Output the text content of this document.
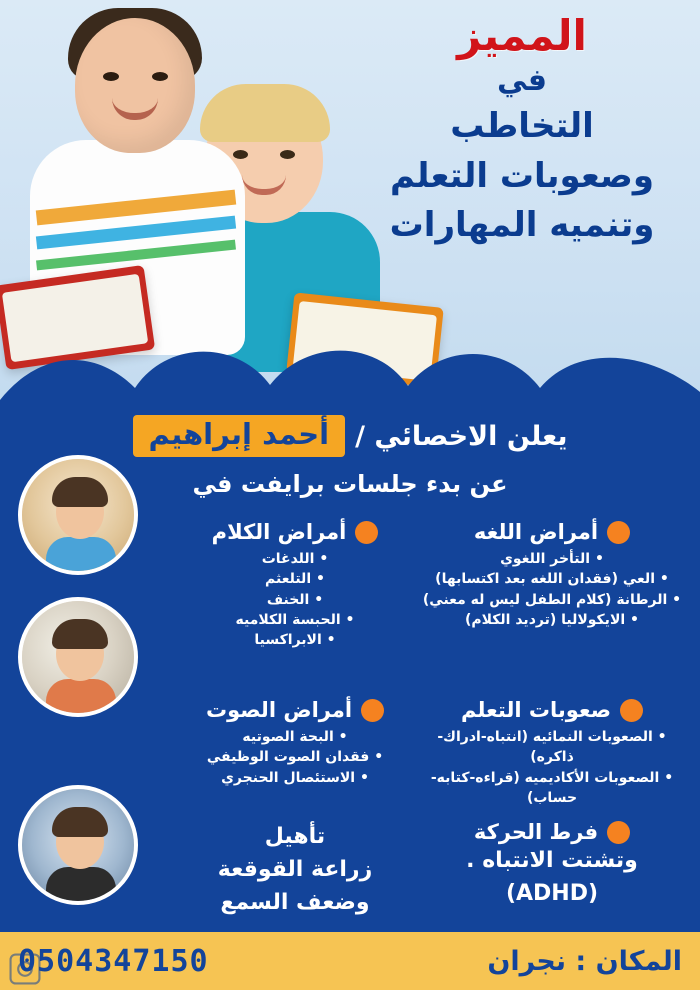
المميز
في
التخاطب
وصعوبات التعلم
وتنميه المهارات
يعلن الاخصائي /
أحمد إبراهيم
عن بدء جلسات برايفت في
أمراض اللغه
• التأخر اللغوي
• العي (فقدان اللغه بعد اكتسابها)
• الرطانة (كلام الطفل ليس له معني)
• الايكولاليا (ترديد الكلام)
صعوبات التعلم
• الصعوبات النمائيه (انتباه-ادراك-ذاكره)
• الصعوبات الأكاديميه (قراءه-كتابه-حساب)
فرط الحركة
وتشتت الانتباه .
(ADHD)
أمراض الكلام
• اللدغات
• التلعثم
• الخنف
• الحبسة الكلاميه
• الابراكسيا
أمراض الصوت
• البحة الصوتيه
• فقدان الصوت الوظيفي
• الاستئصال الحنجري
تأهيل
زراعة القوقعة
وضعف السمع
المكان : نجران
0504347150
